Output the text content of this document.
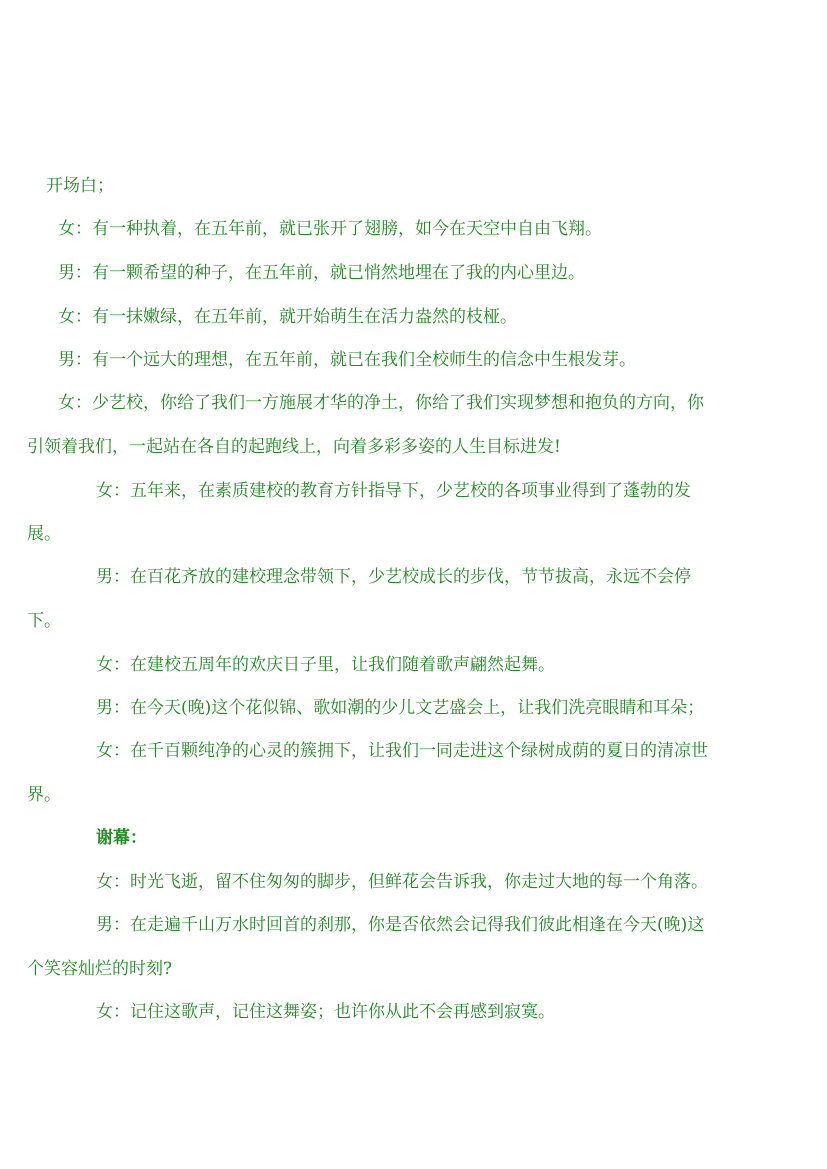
开场白；
女：有一种执着，在五年前，就已张开了翅膀，如今在天空中自由飞翔。
男：有一颗希望的种子，在五年前，就已悄然地埋在了我的内心里边。
女：有一抹嫩绿，在五年前，就开始萌生在活力盎然的枝桠。
男：有一个远大的理想，在五年前，就已在我们全校师生的信念中生根发芽。
女：少艺校，你给了我们一方施展才华的净土，你给了我们实现梦想和抱负的方向，你
引领着我们，一起站在各自的起跑线上，向着多彩多姿的人生目标进发!
女：五年来，在素质建校的教育方针指导下，少艺校的各项事业得到了蓬勃的发
展。
男：在百花齐放的建校理念带领下，少艺校成长的步伐，节节拔高，永远不会停
下。
女：在建校五周年的欢庆日子里，让我们随着歌声翩然起舞。
男：在今天(晚)这个花似锦、歌如潮的少儿文艺盛会上，让我们洗亮眼睛和耳朵；
女：在千百颗纯净的心灵的簇拥下，让我们一同走进这个绿树成荫的夏日的清凉世
界。
谢幕：
女：时光飞逝，留不住匆匆的脚步，但鲜花会告诉我，你走过大地的每一个角落。
男：在走遍千山万水时回首的刹那，你是否依然会记得我们彼此相逢在今天(晚)这
个笑容灿烂的时刻?
女：记住这歌声，记住这舞姿；也许你从此不会再感到寂寞。
